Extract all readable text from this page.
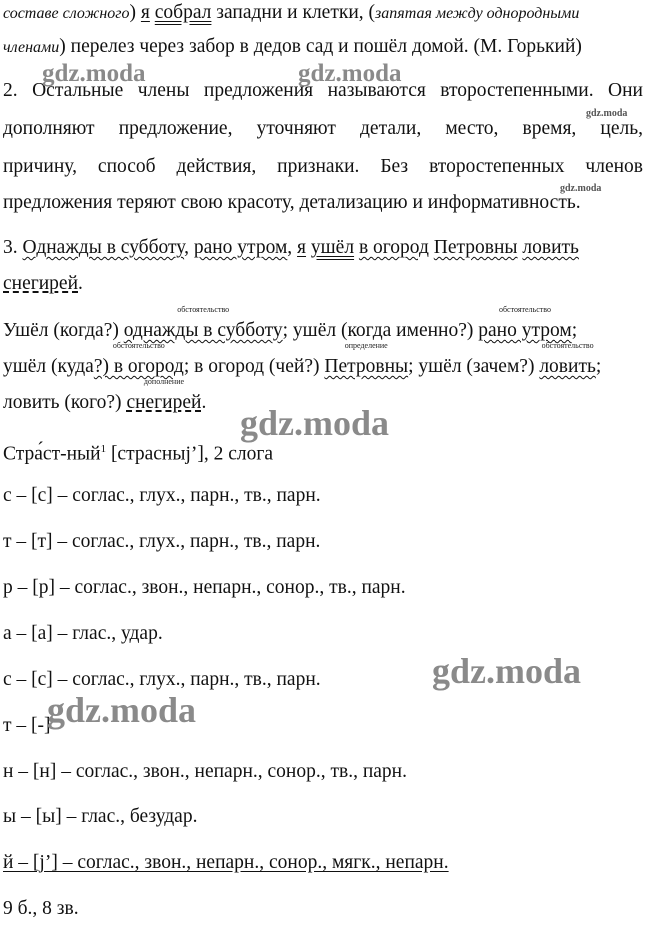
составе сложного) я собрал западни и клетки, (запятая между однородными
членами) перелез через забор в дедов сад и пошёл домой. (М. Горький)
2. Остальные члены предложения называются второстепенными. Они
дополняют предложение, уточняют детали, место, время, цель,
причину, способ действия, признаки. Без второстепенных членов
предложения теряют свою красоту, детализацию и информативность.
3. Однажды в субботу, рано утром, я ушёл в огород Петровны ловить
снегирей.
Ушёл (когда?)
обстоятельство
однажды в субботу; ушёл (когда именно?)
обстоятельство
рано утром;
ушёл (куда
обстоятельство
?) в огород; в огород (чей?)
определение
Петровны; ушёл (зачем?)
обстоятельство
ловить;
ловить (кого?)
дополнение
снегирей.
Стра́ст-ный$^1$ [страсныj’], 2 слога
с – [с] – соглас., глух., парн., тв., парн.
т – [т] – соглас., глух., парн., тв., парн.
р – [р] – соглас., звон., непарн., сонор., тв., парн.
а – [а] – глас., удар.
с – [с] – соглас., глух., парн., тв., парн.
т – [-]
н – [н] – соглас., звон., непарн., сонор., тв., парн.
ы – [ы] – глас., безудар.
й – [j’] – соглас., звон., непарн., сонор., мягк., непарн.
9 б., 8 зв.
gdz.moda	gdz.moda
gdz.moda
gdz.moda
gdz.moda
gdz.moda
gdz.moda
